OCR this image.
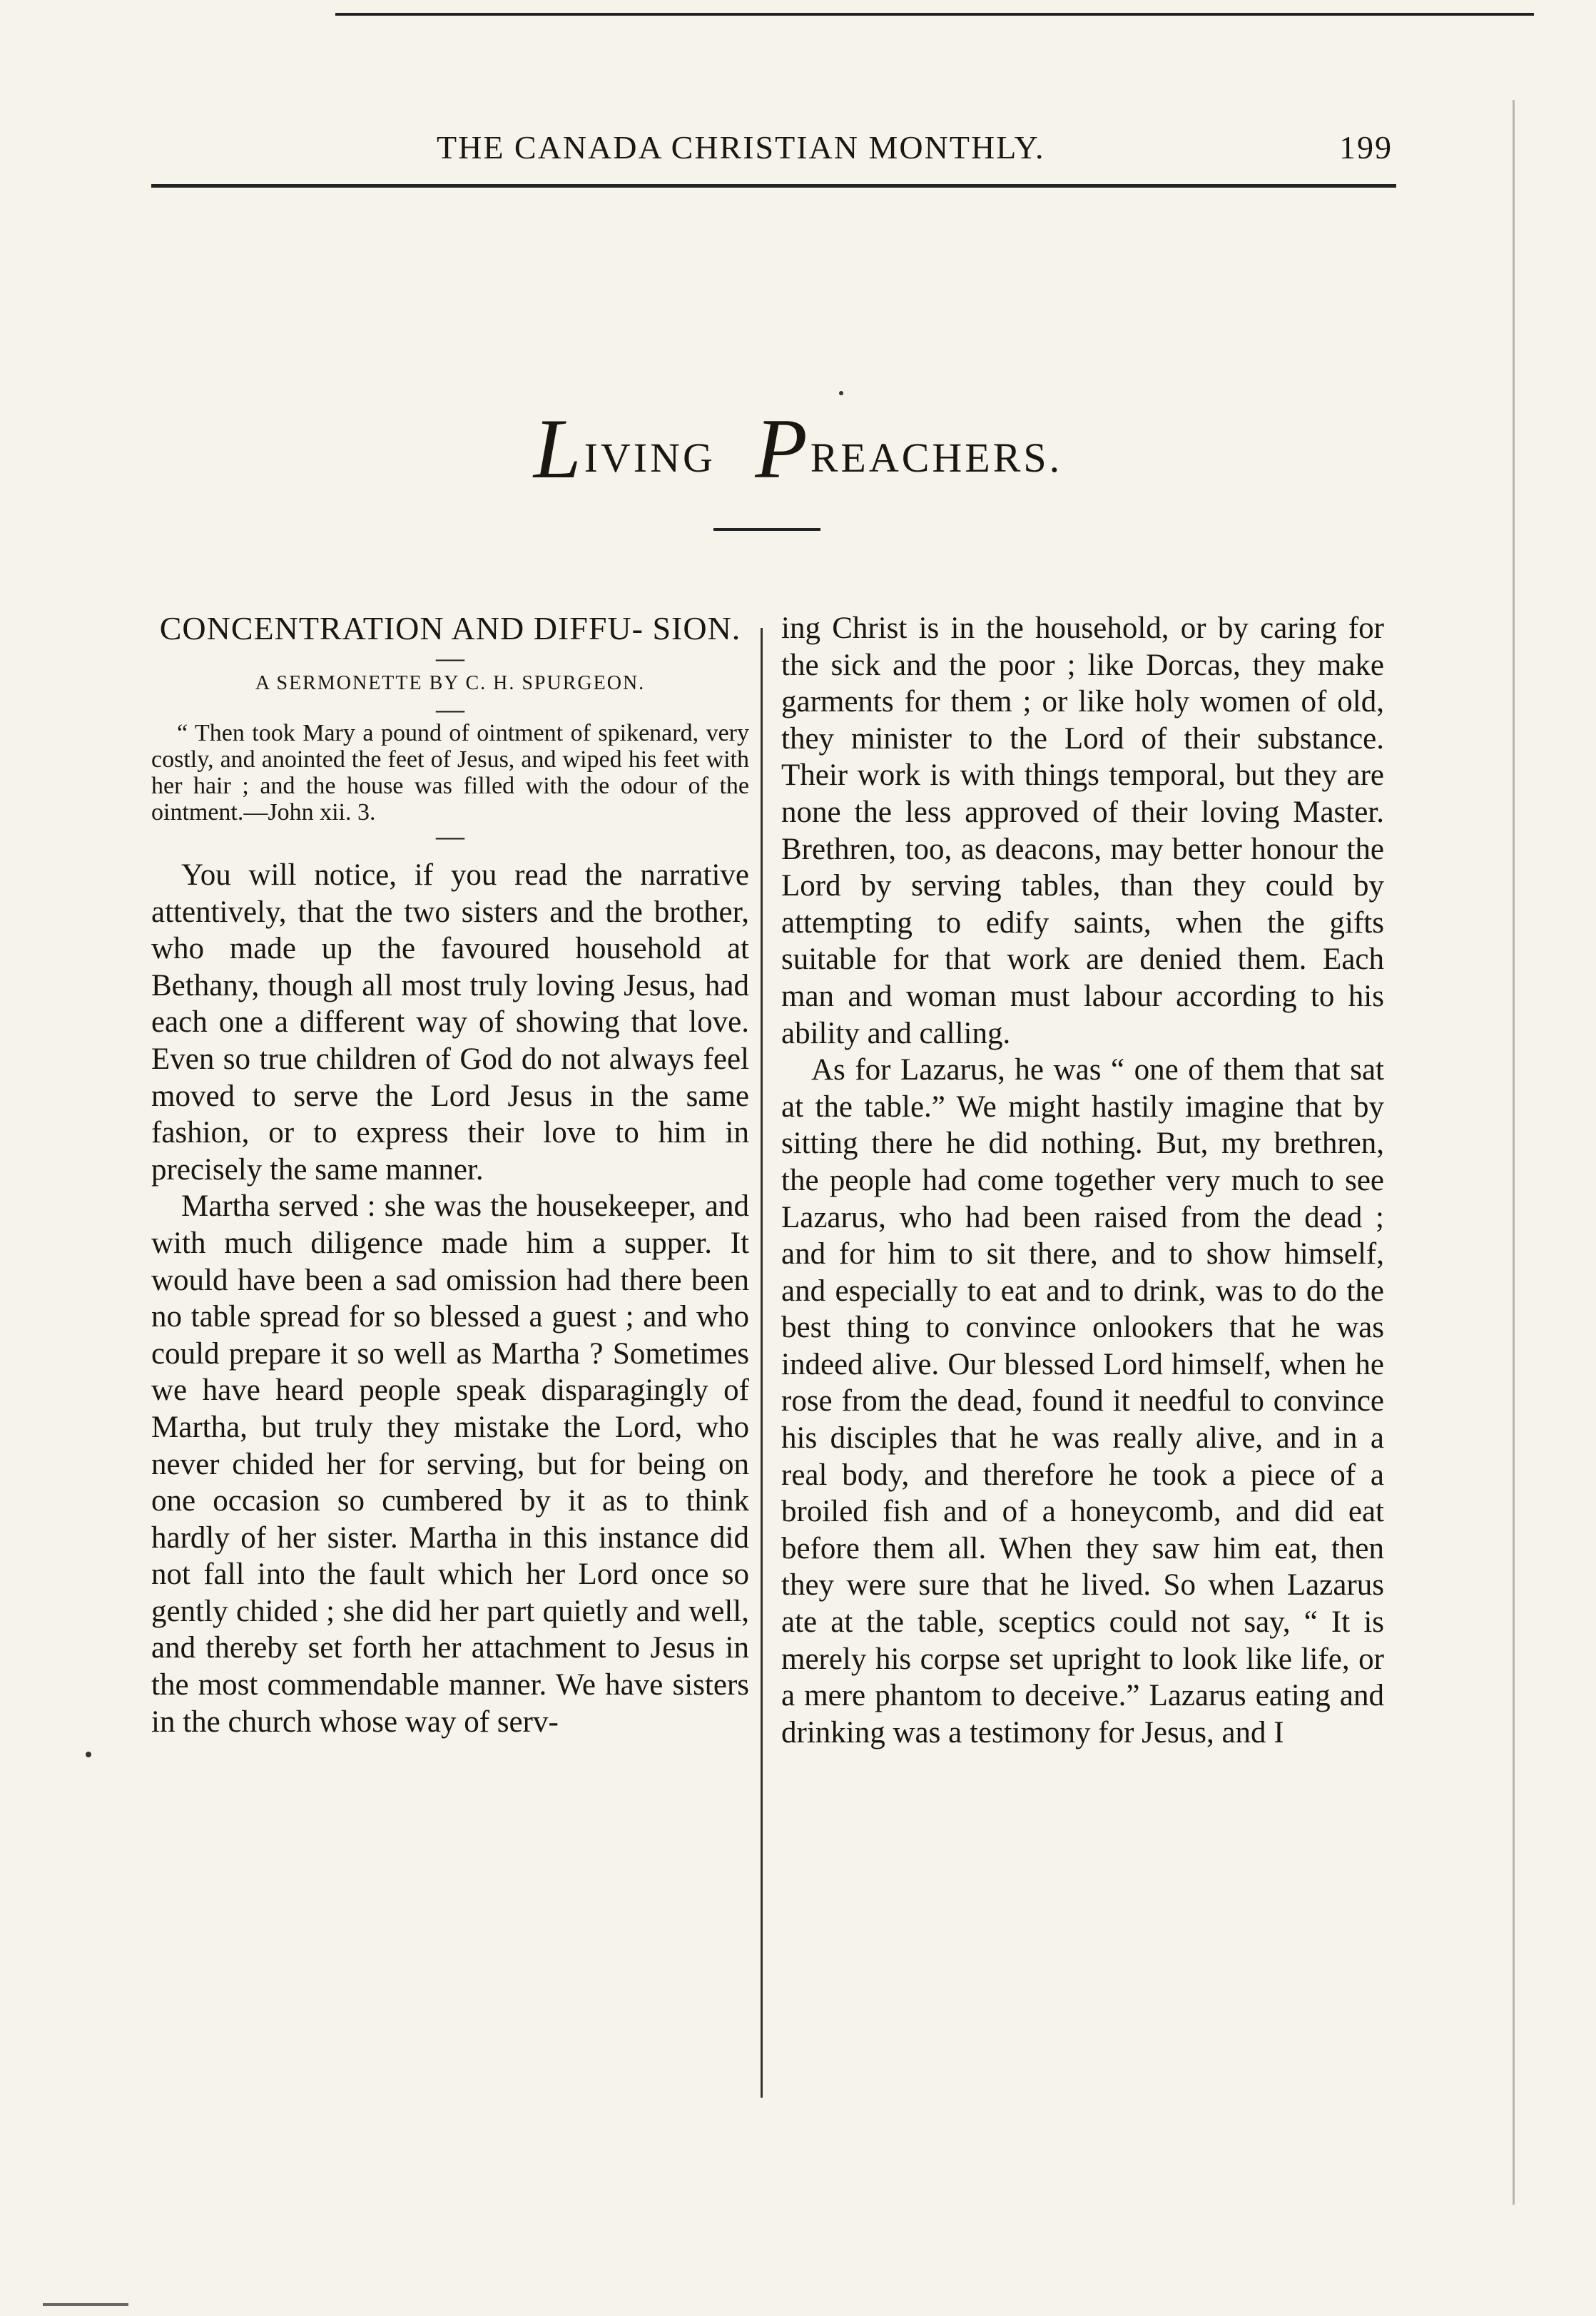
THE CANADA CHRISTIAN MONTHLY.	199
LIVING PREACHERS.

CONCENTRATION AND DIFFU- SION.

—

A SERMONETTE BY C. H. SPURGEON.

—

“ Then took Mary a pound of ointment of spikenard, very costly, and anointed the feet of Jesus, and wiped his feet with her hair ; and the house was filled with the odour of the ointment.—John xii. 3.

—

You will notice, if you read the narrative attentively, that the two sisters and the brother, who made up the favoured household at Bethany, though all most truly loving Jesus, had each one a different way of showing that love. Even so true children of God do not always feel moved to serve the Lord Jesus in the same fashion, or to express their love to him in precisely the same manner.

Martha served : she was the housekeeper, and with much diligence made him a supper. It would have been a sad omission had there been no table spread for so blessed a guest ; and who could prepare it so well as Martha ? Sometimes we have heard people speak disparagingly of Martha, but truly they mistake the Lord, who never chided her for serving, but for being on one occasion so cumbered by it as to think hardly of her sister. Martha in this instance did not fall into the fault which her Lord once so gently chided ; she did her part quietly and well, and thereby set forth her attachment to Jesus in the most commendable manner. We have sisters in the church whose way of serv-

ing Christ is in the household, or by caring for the sick and the poor ; like Dorcas, they make garments for them ; or like holy women of old, they minister to the Lord of their substance. Their work is with things temporal, but they are none the less approved of their loving Master. Brethren, too, as deacons, may better honour the Lord by serving tables, than they could by attempting to edify saints, when the gifts suitable for that work are denied them. Each man and woman must labour according to his ability and calling.

As for Lazarus, he was “ one of them that sat at the table.” We might hastily imagine that by sitting there he did nothing. But, my brethren, the people had come together very much to see Lazarus, who had been raised from the dead ; and for him to sit there, and to show himself, and especially to eat and to drink, was to do the best thing to convince onlookers that he was indeed alive. Our blessed Lord himself, when he rose from the dead, found it needful to convince his disciples that he was really alive, and in a real body, and therefore he took a piece of a broiled fish and of a honeycomb, and did eat before them all. When they saw him eat, then they were sure that he lived. So when Lazarus ate at the table, sceptics could not say, “ It is merely his corpse set upright to look like life, or a mere phantom to deceive.” Lazarus eating and drinking was a testimony for Jesus, and I
